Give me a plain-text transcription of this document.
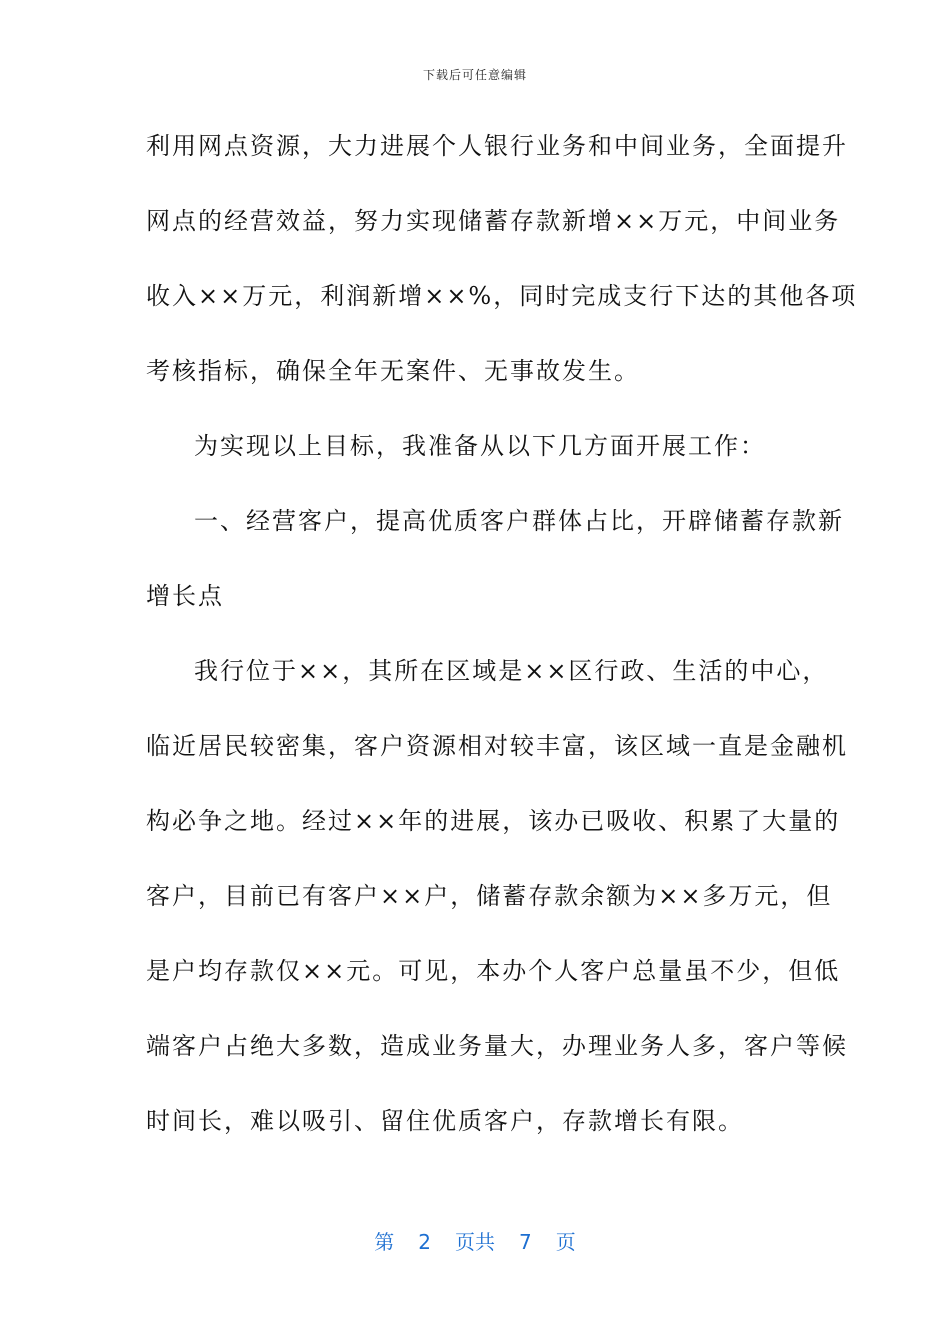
下载后可任意编辑
利用网点资源，大力进展个人银行业务和中间业务，全面提升
网点的经营效益，努力实现储蓄存款新增××万元，中间业务
收入××万元，利润新增××%，同时完成支行下达的其他各项
考核指标，确保全年无案件、无事故发生。
为实现以上目标，我准备从以下几方面开展工作：
一、经营客户，提高优质客户群体占比，开辟储蓄存款新
增长点
我行位于××，其所在区域是××区行政、生活的中心，
临近居民较密集，客户资源相对较丰富，该区域一直是金融机
构必争之地。经过××年的进展，该办已吸收、积累了大量的
客户，目前已有客户××户，储蓄存款余额为××多万元，但
是户均存款仅××元。可见，本办个人客户总量虽不少，但低
端客户占绝大多数，造成业务量大，办理业务人多，客户等候
时间长，难以吸引、留住优质客户，存款增长有限。
第 2 页共 7 页
